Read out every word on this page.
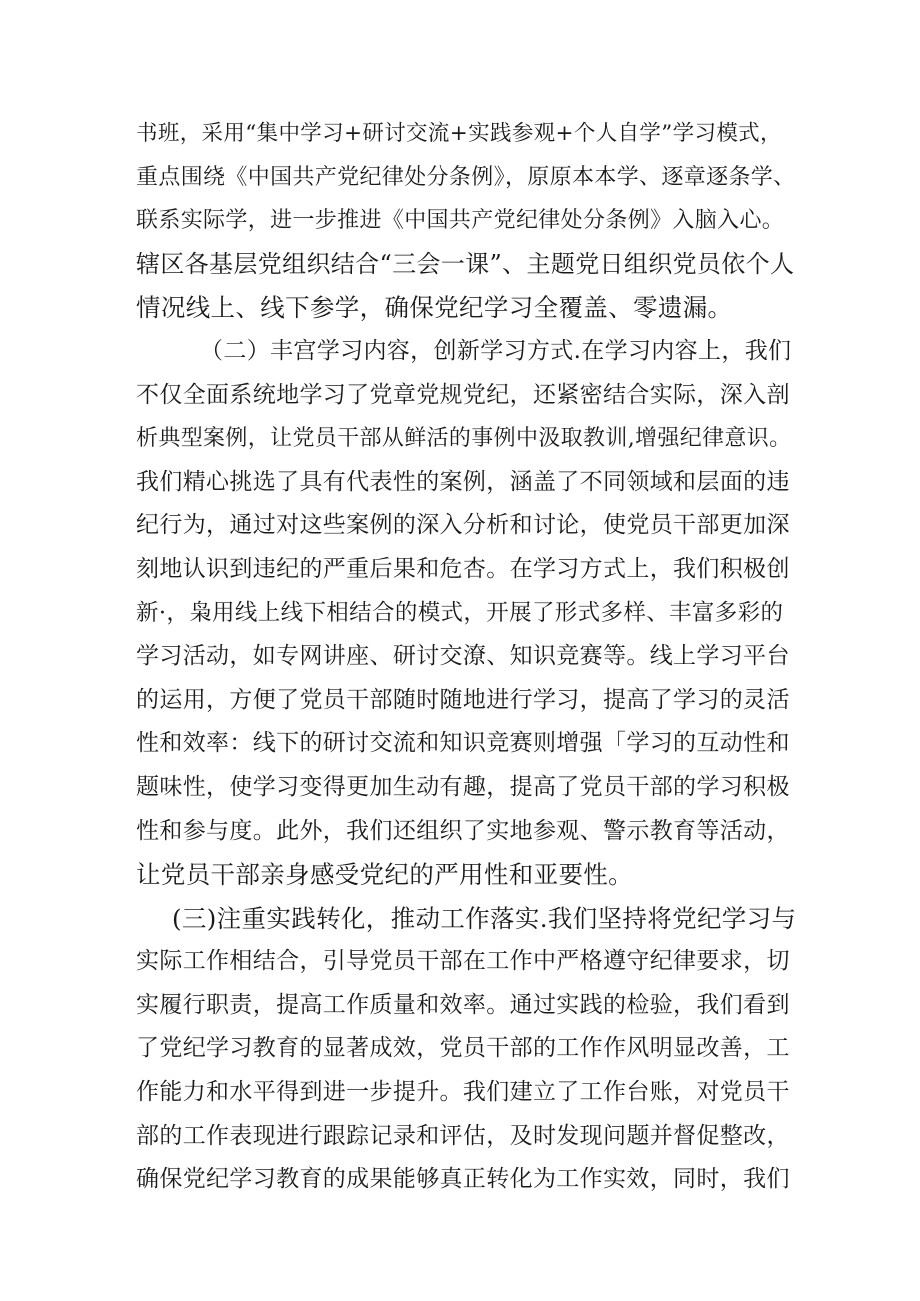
书班，采用“集中学习+研讨交流+实践参观+个人自学”学习模式，
重点围绕《中国共产党纪律处分条例》，原原本本学、逐章逐条学、
联系实际学，进一步推进《中国共产党纪律处分条例》入脑入心。
辖区各基层党组织结合“三会一课”、主题党日组织党员依个人
情况线上、线下参学，确保党纪学习全覆盖、零遗漏。
（二）丰宫学习内容，创新学习方式.在学习内容上，我们
不仅全面系统地学习了党章党规党纪，还紧密结合实际，深入剖
析典型案例，让党员干部从鲜活的事例中汲取教训,增强纪律意识。
我们精心挑选了具有代表性的案例，涵盖了不同领域和层面的违
纪行为，通过对这些案例的深入分析和讨论，使党员干部更加深
刻地认识到违纪的严重后果和危杏。在学习方式上，我们积极创
新·，枭用线上线下相结合的模式，开展了形式多样、丰富多彩的
学习活动，如专网讲座、研讨交潦、知识竞赛等。线上学习平台
的运用，方便了党员干部随时随地进行学习，提高了学习的灵活
性和效率：线下的研讨交流和知识竞赛则增强「学习的互动性和
题味性，使学习变得更加生动有趣，提高了党员干部的学习积极
性和参与度。此外，我们还组织了实地参观、警示教育等活动，
让党员干部亲身感受党纪的严用性和亚要性。
(三)注重实践转化，推动工作落实.我们坚持将党纪学习与
实际工作相结合，引导党员干部在工作中严格遵守纪律要求，切
实履行职责，提高工作质量和效率。通过实践的检验，我们看到
了党纪学习教育的显著成效，党员干部的工作作风明显改善，工
作能力和水平得到进一步提升。我们建立了工作台账，对党员干
部的工作表现进行跟踪记录和评估，及时发现问题并督促整改，
确保党纪学习教育的成果能够真正转化为工作实效，同时，我们
